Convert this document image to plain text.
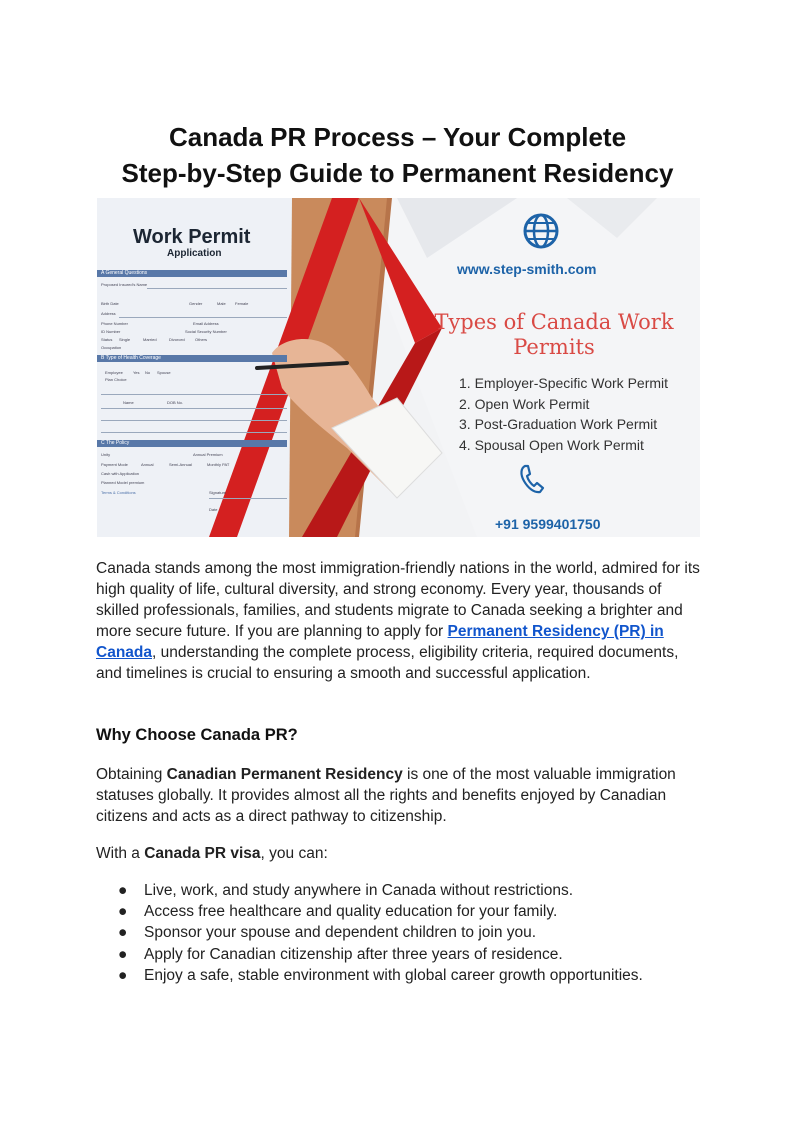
Canada PR Process – Your Complete
Step-by-Step Guide to Permanent Residency
Work Permit
Application
A General Questions
Proposed Insured's Name
Birth Date	Gender	Male Female
Address
Phone Number	Email Address
ID Number	Social Security Number
Status Single	Married	Divorced	Others
Occupation
B Type of Health Coverage
Employee	Spouse
Yes No
Plan Choice
Name	DOB No.
C The Policy
Unity	Annual Premium
Payment Mode	Annual	Semi-Annual	Monthly PAT
Cash with Application
Planned Model premium
Terms & Conditions	Signature
Date
www.step-smith.com
Types of Canada Work
Permits
1. Employer-Specific Work Permit
2. Open Work Permit
3. Post-Graduation Work Permit
4. Spousal Open Work Permit
+91 9599401750

Canada stands among the most immigration-friendly nations in the world, admired for its high quality of life, cultural diversity, and strong economy. Every year, thousands of skilled professionals, families, and students migrate to Canada seeking a brighter and more secure future. If you are planning to apply for Permanent Residency (PR) in Canada, understanding the complete process, eligibility criteria, required documents, and timelines is crucial to ensuring a smooth and successful application.

Why Choose Canada PR?

Obtaining Canadian Permanent Residency is one of the most valuable immigration statuses globally. It provides almost all the rights and benefits enjoyed by Canadian citizens and acts as a direct pathway to citizenship.

With a Canada PR visa, you can:

● Live, work, and study anywhere in Canada without restrictions.
● Access free healthcare and quality education for your family.
● Sponsor your spouse and dependent children to join you.
● Apply for Canadian citizenship after three years of residence.
● Enjoy a safe, stable environment with global career growth opportunities.
